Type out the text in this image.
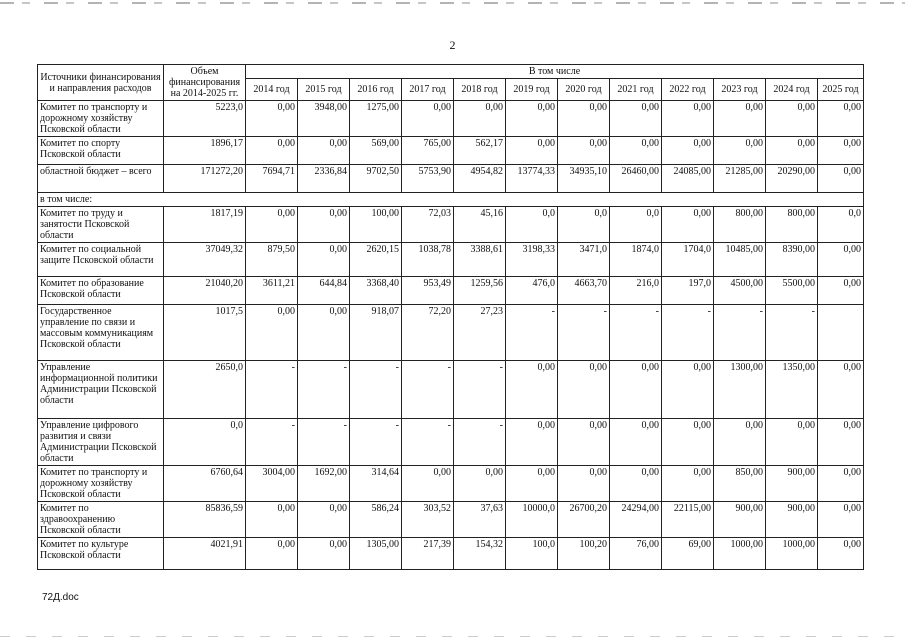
2
Источники финансирования и направления расходов	Объем финансирования на 2014-2025 гг.	В том числе											
		2014 год	2015 год	2016 год	2017 год	2018 год	2019 год	2020 год	2021 год	2022 год	2023 год	2024 год	2025 год
Комитет по транспорту и дорожному хозяйству Псковской области	5223,0	0,00	3948,00	1275,00	0,00	0,00	0,00	0,00	0,00	0,00	0,00	0,00	0,00
Комитет по спорту Псковской области	1896,17	0,00	0,00	569,00	765,00	562,17	0,00	0,00	0,00	0,00	0,00	0,00	0,00
областной бюджет – всего	171272,20	7694,71	2336,84	9702,50	5753,90	4954,82	13774,33	34935,10	26460,00	24085,00	21285,00	20290,00	0,00
в том числе:													
Комитет по труду и занятости Псковской области	1817,19	0,00	0,00	100,00	72,03	45,16	0,0	0,0	0,0	0,00	800,00	800,00	0,0
Комитет по социальной защите Псковской области	37049,32	879,50	0,00	2620,15	1038,78	3388,61	3198,33	3471,0	1874,0	1704,0	10485,00	8390,00	0,00
Комитет по образование Псковской области	21040,20	3611,21	644,84	3368,40	953,49	1259,56	476,0	4663,70	216,0	197,0	4500,00	5500,00	0,00
Государственное управление по связи и массовым коммуникациям Псковской области	1017,5	0,00	0,00	918,07	72,20	27,23	-	-	-	-	-	-	
Управление информационной политики Администрации Псковской области	2650,0	-	-	-	-	-	0,00	0,00	0,00	0,00	1300,00	1350,00	0,00
Управление цифрового развития и связи Администрации Псковской области	0,0	-	-	-	-	-	0,00	0,00	0,00	0,00	0,00	0,00	0,00
Комитет по транспорту и дорожному хозяйству Псковской области	6760,64	3004,00	1692,00	314,64	0,00	0,00	0,00	0,00	0,00	0,00	850,00	900,00	0,00
Комитет по здравоохранению Псковской области	85836,59	0,00	0,00	586,24	303,52	37,63	10000,0	26700,20	24294,00	22115,00	900,00	900,00	0,00
Комитет по культуре Псковской области	4021,91	0,00	0,00	1305,00	217,39	154,32	100,0	100,20	76,00	69,00	1000,00	1000,00	0,00
72Д.doc
